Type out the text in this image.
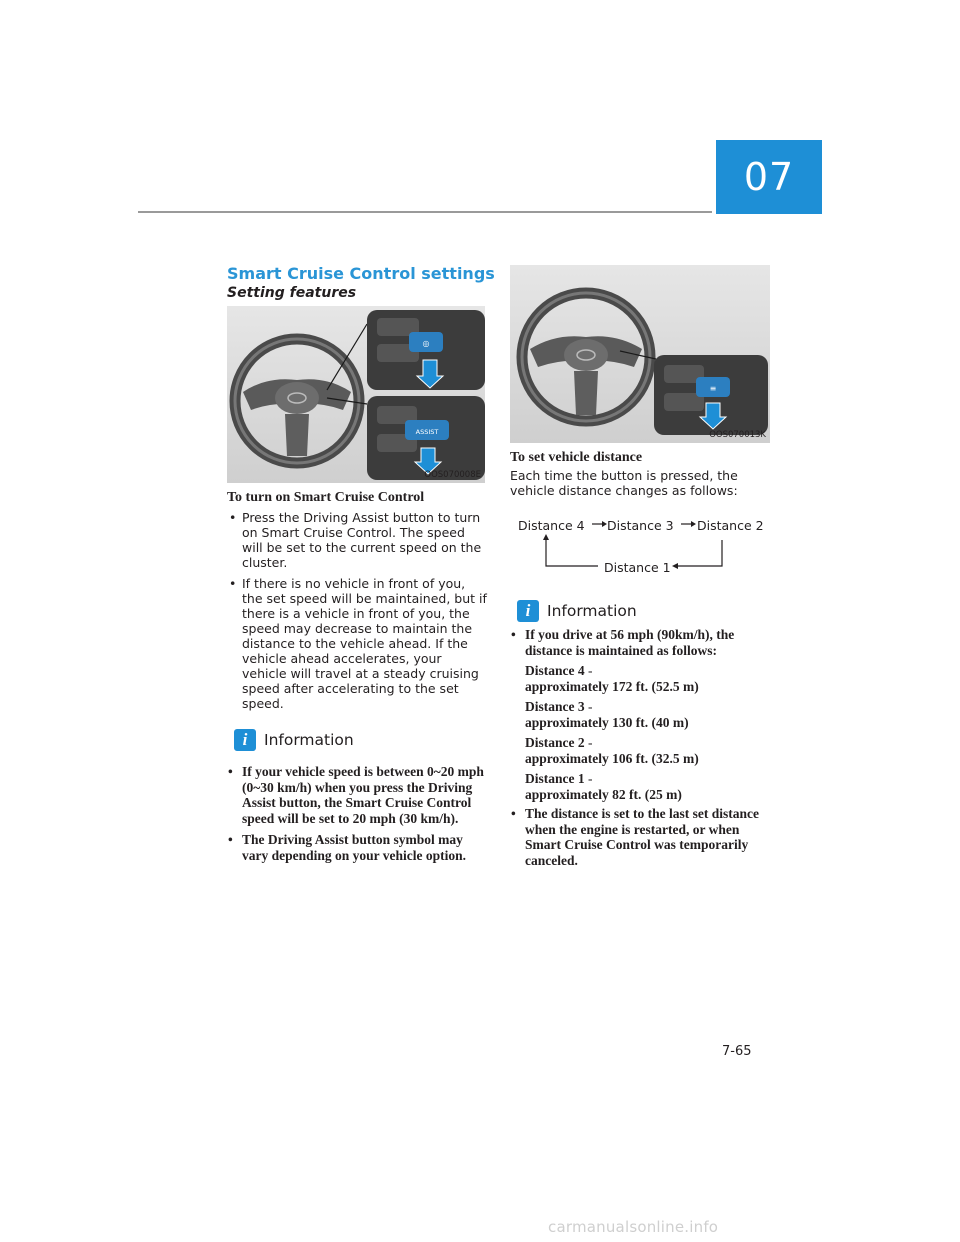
07
Smart Cruise Control settings
Setting features
◎
ASSIST
OOS070008E
≡
OOS070013K
To turn on Smart Cruise Control
• Press the Driving Assist button to turn on Smart Cruise Control. The speed will be set to the current speed on the cluster.
• If there is no vehicle in front of you, the set speed will be maintained, but if there is a vehicle in front of you, the speed may decrease to maintain the distance to the vehicle ahead. If the vehicle ahead accelerates, your vehicle will travel at a steady cruising speed after accelerating to the set speed.
i	Information
• If your vehicle speed is between 0~20 mph (0~30 km/h) when you press the Driving Assist button, the Smart Cruise Control speed will be set to 20 mph (30 km/h).
• The Driving Assist button symbol may vary depending on your vehicle option.
To set vehicle distance

Each time the button is pressed, the vehicle distance changes as follows:

Distance 4 Distance 3 Distance 2
Distance 1
i	Information
• If you drive at 56 mph (90km/h), the distance is maintained as follows:
Distance 4 -
approximately 172 ft. (52.5 m)
Distance 3 -
approximately 130 ft. (40 m)
Distance 2 -
approximately 106 ft. (32.5 m)
Distance 1 -
approximately 82 ft. (25 m)
• The distance is set to the last set distance when the engine is restarted, or when Smart Cruise Control was temporarily canceled.
7-65
carmanualsonline.info
